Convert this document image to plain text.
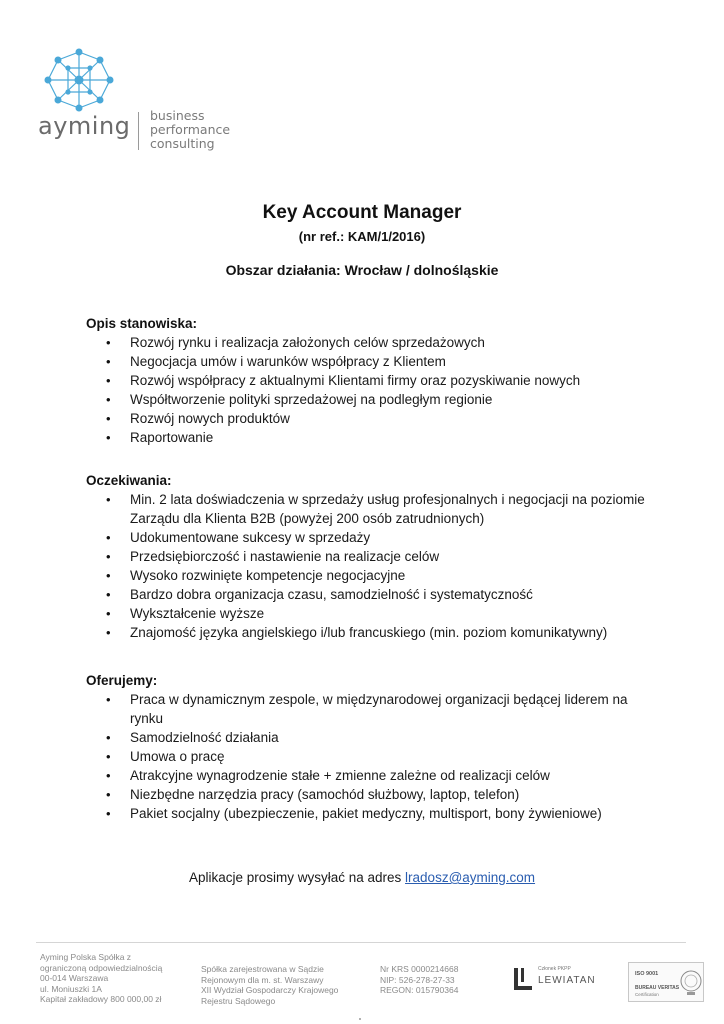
ayming business
performance
consulting
Key Account Manager
(nr ref.: KAM/1/2016)
Obszar działania: Wrocław / dolnośląskie
Opis stanowiska:
• Rozwój rynku i realizacja założonych celów sprzedażowych
• Negocjacja umów i warunków współpracy z Klientem
• Rozwój współpracy z aktualnymi Klientami firmy oraz pozyskiwanie nowych
• Współtworzenie polityki sprzedażowej na podległym regionie
• Rozwój nowych produktów
• Raportowanie
Oczekiwania:
• Min. 2 lata doświadczenia w sprzedaży usług profesjonalnych i negocjacji na poziomie Zarządu dla Klienta B2B (powyżej 200 osób zatrudnionych)
• Udokumentowane sukcesy w sprzedaży
• Przedsiębiorczość i nastawienie na realizacje celów
• Wysoko rozwinięte kompetencje negocjacyjne
• Bardzo dobra organizacja czasu, samodzielność i systematyczność
• Wykształcenie wyższe
• Znajomość języka angielskiego i/lub francuskiego (min. poziom komunikatywny)
Oferujemy:
• Praca w dynamicznym zespole, w międzynarodowej organizacji będącej liderem na rynku
• Samodzielność działania
• Umowa o pracę
• Atrakcyjne wynagrodzenie stałe + zmienne zależne od realizacji celów
• Niezbędne narzędzia pracy (samochód służbowy, laptop, telefon)
• Pakiet socjalny (ubezpieczenie, pakiet medyczny, multisport, bony żywieniowe)
Aplikacje prosimy wysyłać na adres lradosz@ayming.com
Ayming Polska Spółka z
ograniczoną odpowiedzialnością
00-014 Warszawa
ul. Moniuszki 1A
Kapitał zakładowy 800 000,00 zł
Spółka zarejestrowana w Sądzie
Rejonowym dla m. st. Warszawy
XII Wydział Gospodarczy Krajowego
Rejestru Sądowego
Nr KRS 0000214668
NIP: 526-278-27-33
REGON: 015790364
Członek PKPP
LEWIATAN
ISO 9001
BUREAU VERITAS
Certification
